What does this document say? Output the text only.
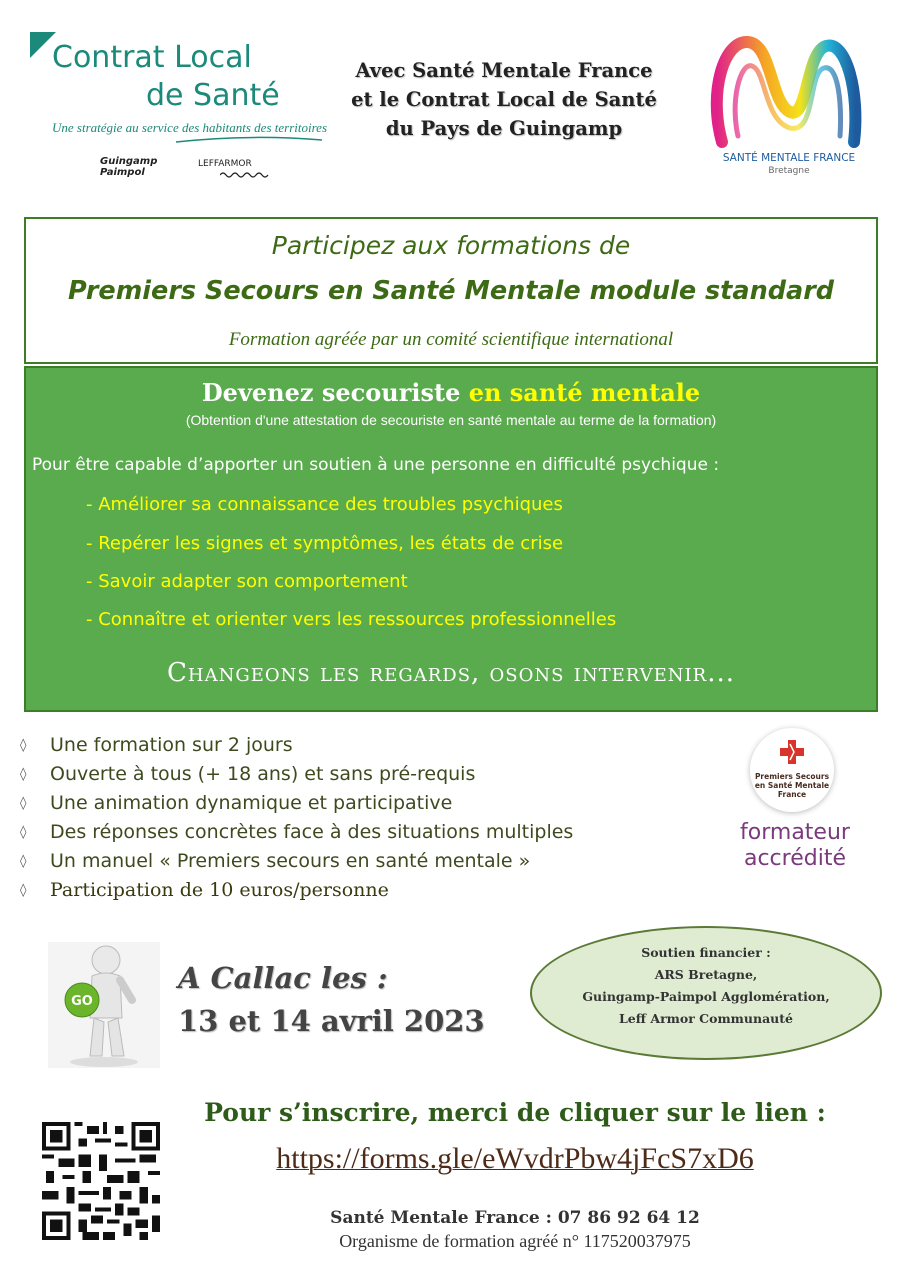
Contrat Local
de Santé
Une stratégie au service des habitants des territoires
Guingamp Paimpol
LEFFARMOR
Avec Santé Mentale France
et le Contrat Local de Santé
du Pays de Guingamp
SANTÉ MENTALE FRANCE
Bretagne
Participez aux formations de
Premiers Secours en Santé Mentale module standard
Formation agréée par un comité scientifique international
Devenez secouriste en santé mentale
(Obtention d'une attestation de secouriste en santé mentale au terme de la formation)
Pour être capable d’apporter un soutien à une personne en difficulté psychique :
- Améliorer sa connaissance des troubles psychiques
- Repérer les signes et symptômes, les états de crise
- Savoir adapter son comportement
- Connaître et orienter vers les ressources professionnelles
Changeons les regards, osons intervenir...
◊ Une formation sur 2 jours
◊ Ouverte à tous (+ 18 ans) et sans pré-requis
◊ Une animation dynamique et participative
◊ Des réponses concrètes face à des situations multiples
◊ Un manuel « Premiers secours en santé mentale »
◊ Participation de 10 euros/personne
Premiers Secours en Santé Mentale France
formateur
accrédité
GO
A Callac les :
13 et 14 avril 2023
Soutien financier :
ARS Bretagne,
Guingamp-Paimpol Agglomération,
Leff Armor Communauté
Pour s’inscrire, merci de cliquer sur le lien :
https://forms.gle/eWvdrPbw4jFcS7xD6
Santé Mentale France : 07 86 92 64 12
Organisme de formation agréé n° 117520037975
